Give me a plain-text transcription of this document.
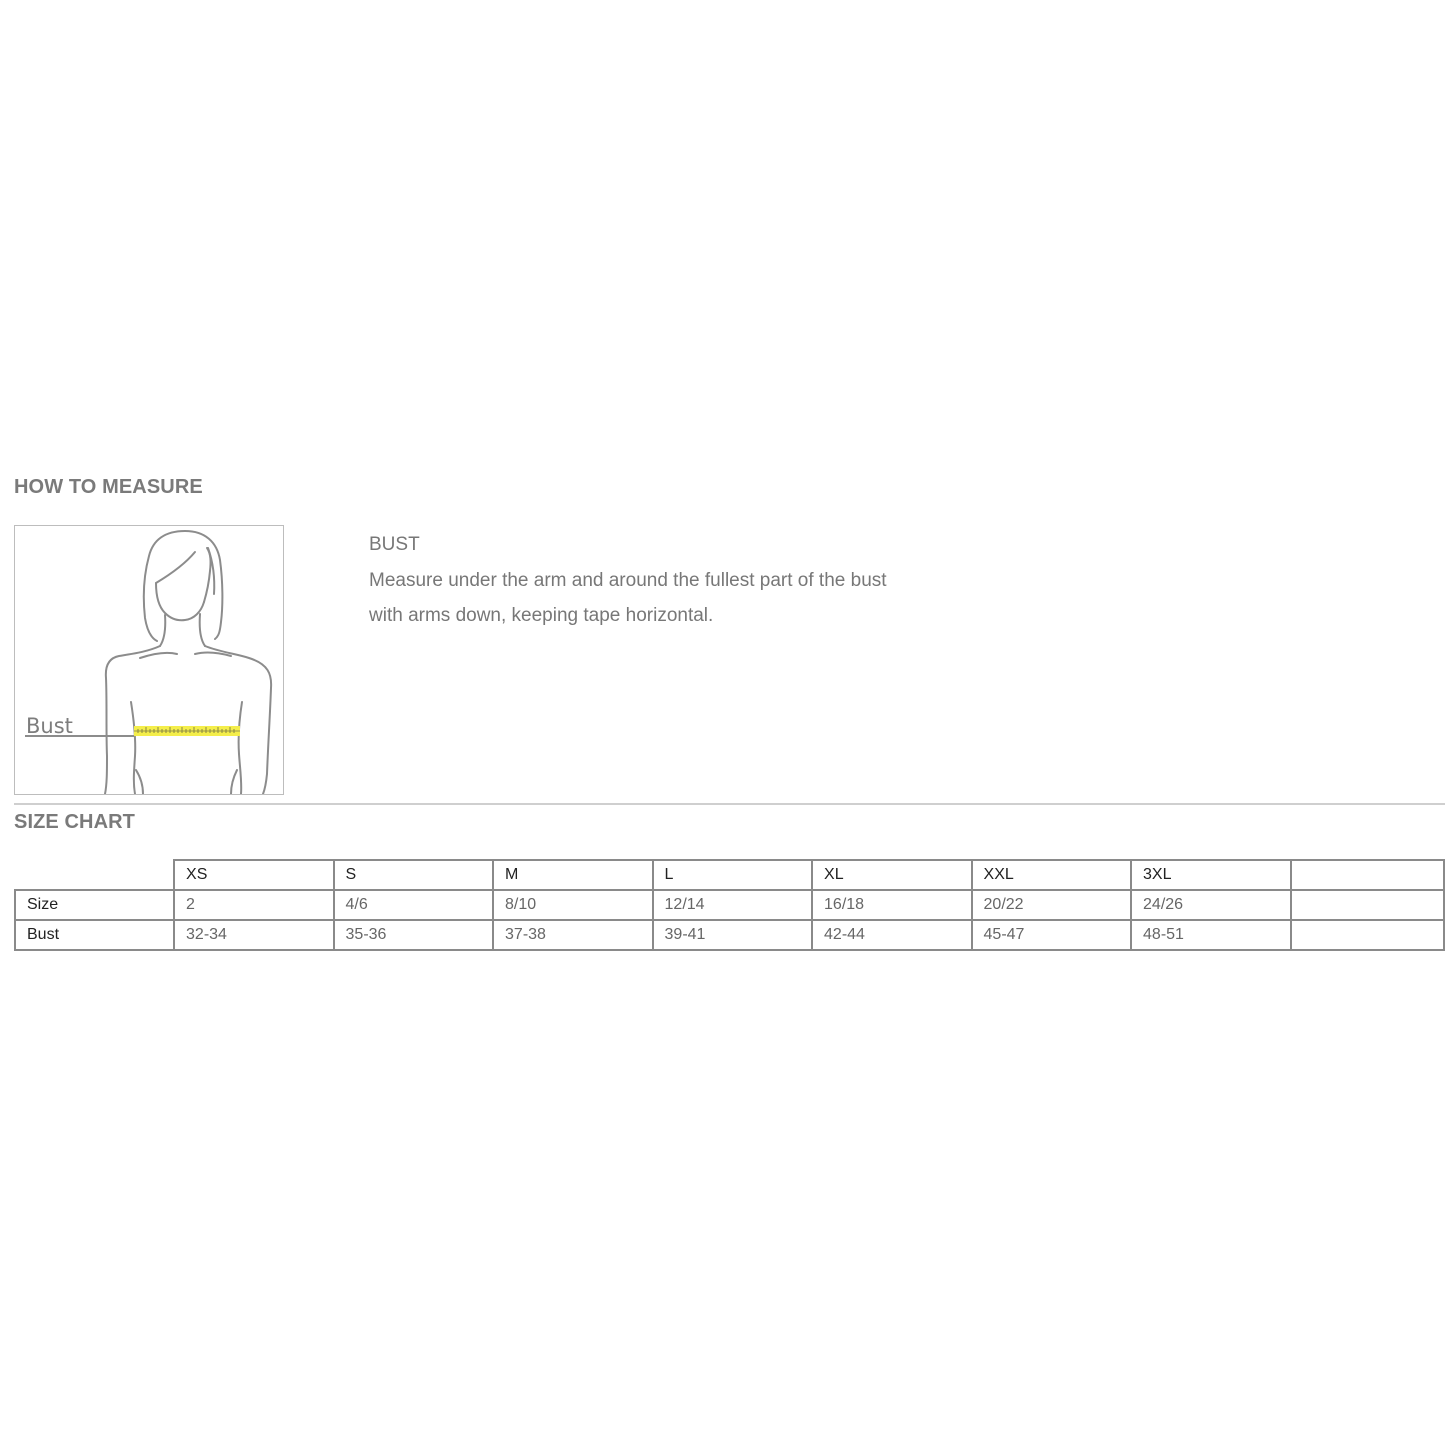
HOW TO MEASURE
Bust
BUST
Measure under the arm and around the fullest part of the bust
with arms down, keeping tape horizontal.
SIZE CHART
	XS	S	M	L	XL	XXL	3XL	
Size	2	4/6	8/10	12/14	16/18	20/22	24/26	
Bust	32-34	35-36	37-38	39-41	42-44	45-47	48-51	
